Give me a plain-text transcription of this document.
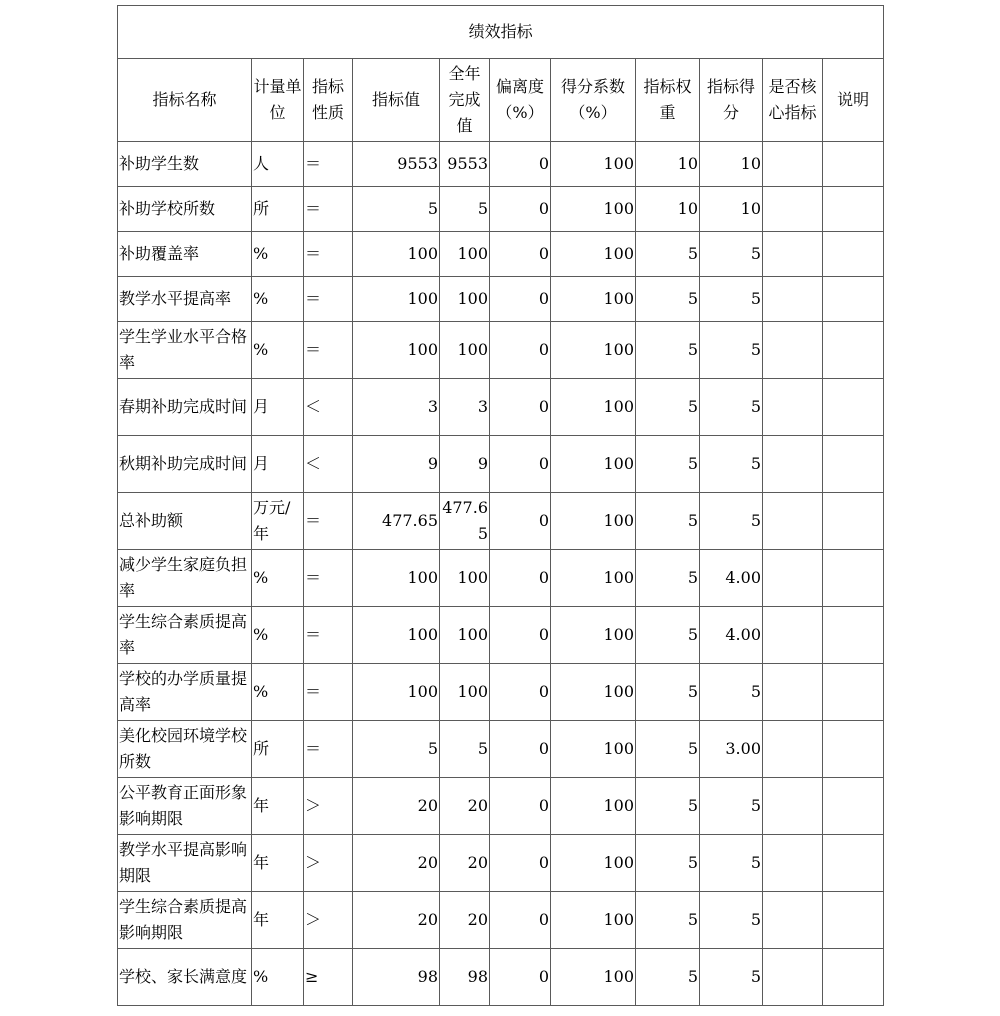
绩效指标										
指标名称	计量单位	指标性质	指标值	全年完成值	偏离度（%）	得分系数（%）	指标权重	指标得分	是否核心指标	说明
补助学生数	人	＝	9553	9553	0	100	10	10		
补助学校所数	所	＝	5	5	0	100	10	10		
补助覆盖率	%	＝	100	100	0	100	5	5		
教学水平提高率	%	＝	100	100	0	100	5	5		
学生学业水平合格率	%	＝	100	100	0	100	5	5		
春期补助完成时间	月	＜	3	3	0	100	5	5		
秋期补助完成时间	月	＜	9	9	0	100	5	5		
总补助额	万元/年	＝	477.65	477.65	0	100	5	5		
减少学生家庭负担率	%	＝	100	100	0	100	5	4.00		
学生综合素质提高率	%	＝	100	100	0	100	5	4.00		
学校的办学质量提高率	%	＝	100	100	0	100	5	5		
美化校园环境学校所数	所	＝	5	5	0	100	5	3.00		
公平教育正面形象影响期限	年	＞	20	20	0	100	5	5		
教学水平提高影响期限	年	＞	20	20	0	100	5	5		
学生综合素质提高影响期限	年	＞	20	20	0	100	5	5		
学校、家长满意度	%	≥	98	98	0	100	5	5		
